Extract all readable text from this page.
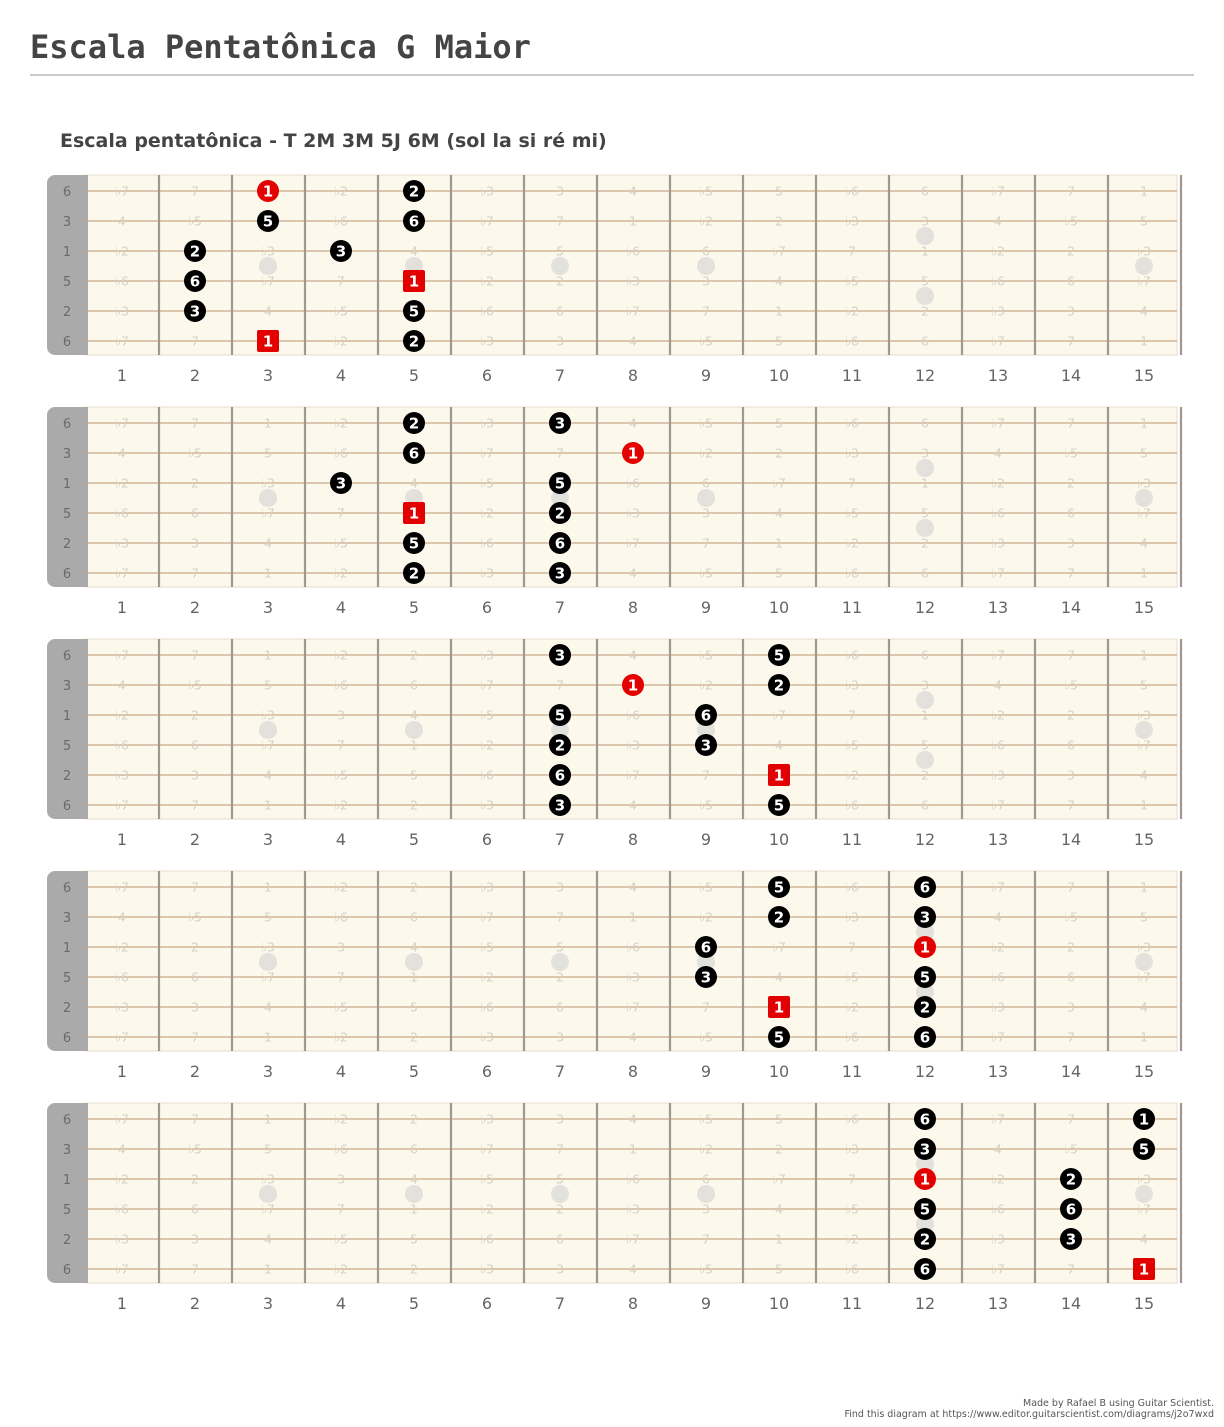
Escala Pentatônica G Maior
Escala pentatônica - T 2M 3M 5J 6M (sol la si ré mi)
6
3
1
5
2
6
♭7	7	♭2	♭3	3	4	♭5	5	♭6	6	♭7	7	1
4	♭5	♭6	♭7	7	1	♭2	2	♭3	3	4	♭5	5
♭2	♭3	4	♭5	5	♭6	6	♭7	7	1	♭2	2	♭3
♭6	♭7	7	♭2	2	♭3	3	4	♭5	5	♭6	6	♭7
♭3	4	♭5	♭6	6	♭7	7	1	♭2	2	♭3	3	4
♭7	7	♭2	♭3	3	4	♭5	5	♭6	6	♭7	7	1
1	2
5	6
2	3
6	1
3	5
1	2
1	2	3	4	5	6	7	8	9	10	11	12	13	14	15
6
3
1
5
2
6
♭7	7	1	♭2	♭3	4	♭5	5	♭6	6	♭7	7	1
4	♭5	5	♭6	♭7	7	♭2	2	♭3	3	4	♭5	5
♭2	2	♭3	4	♭5	♭6	6	♭7	7	1	♭2	2	♭3
♭6	6	♭7	7	♭2	♭3	3	4	♭5	5	♭6	6	♭7
♭3	3	4	♭5	♭6	♭7	7	1	♭2	2	♭3	3	4
♭7	7	1	♭2	♭3	4	♭5	5	♭6	6	♭7	7	1
2	3
6	1
3	5
1	2
5	6
2	3
1	2	3	4	5	6	7	8	9	10	11	12	13	14	15
6
3
1
5
2
6
♭7	7	1	♭2	2	♭3	4	♭5	♭6	6	♭7	7	1
4	♭5	5	♭6	6	♭7	7	♭2	♭3	3	4	♭5	5
♭2	2	♭3	3	4	♭5	♭6	♭7	7	1	♭2	2	♭3
♭6	6	♭7	7	1	♭2	♭3	4	♭5	5	♭6	6	♭7
♭3	3	4	♭5	5	♭6	♭7	7	♭2	2	♭3	3	4
♭7	7	1	♭2	2	♭3	4	♭5	♭6	6	♭7	7	1
3	5
1	2
5	6
2	3
6	1
3	5
1	2	3	4	5	6	7	8	9	10	11	12	13	14	15
6
3
1
5
2
6
♭7	7	1	♭2	2	♭3	3	4	♭5	♭6	♭7	7	1
4	♭5	5	♭6	6	♭7	7	1	♭2	♭3	4	♭5	5
♭2	2	♭3	3	4	♭5	5	♭6	♭7	7	♭2	2	♭3
♭6	6	♭7	7	1	♭2	2	♭3	4	♭5	♭6	6	♭7
♭3	3	4	♭5	5	♭6	6	♭7	7	♭2	♭3	3	4
♭7	7	1	♭2	2	♭3	3	4	♭5	♭6	♭7	7	1
5	6
2	3
6	1
3	5
1	2
5	6
1	2	3	4	5	6	7	8	9	10	11	12	13	14	15
6
3
1
5
2
6
♭7	7	1	♭2	2	♭3	3	4	♭5	5	♭6	♭7	7
4	♭5	5	♭6	6	♭7	7	1	♭2	2	♭3	4	♭5
♭2	2	♭3	3	4	♭5	5	♭6	6	♭7	7	♭2	♭3
♭6	6	♭7	7	1	♭2	2	♭3	3	4	♭5	♭6	♭7
♭3	3	4	♭5	5	♭6	6	♭7	7	1	♭2	♭3	4
♭7	7	1	♭2	2	♭3	3	4	♭5	5	♭6	♭7	7
6	1
3	5
1	2
5	6
2	3
6	1
1	2	3	4	5	6	7	8	9	10	11	12	13	14	15
Made by Rafael B using Guitar Scientist.
Find this diagram at https://www.editor.guitarscientist.com/diagrams/j2o7wxd
